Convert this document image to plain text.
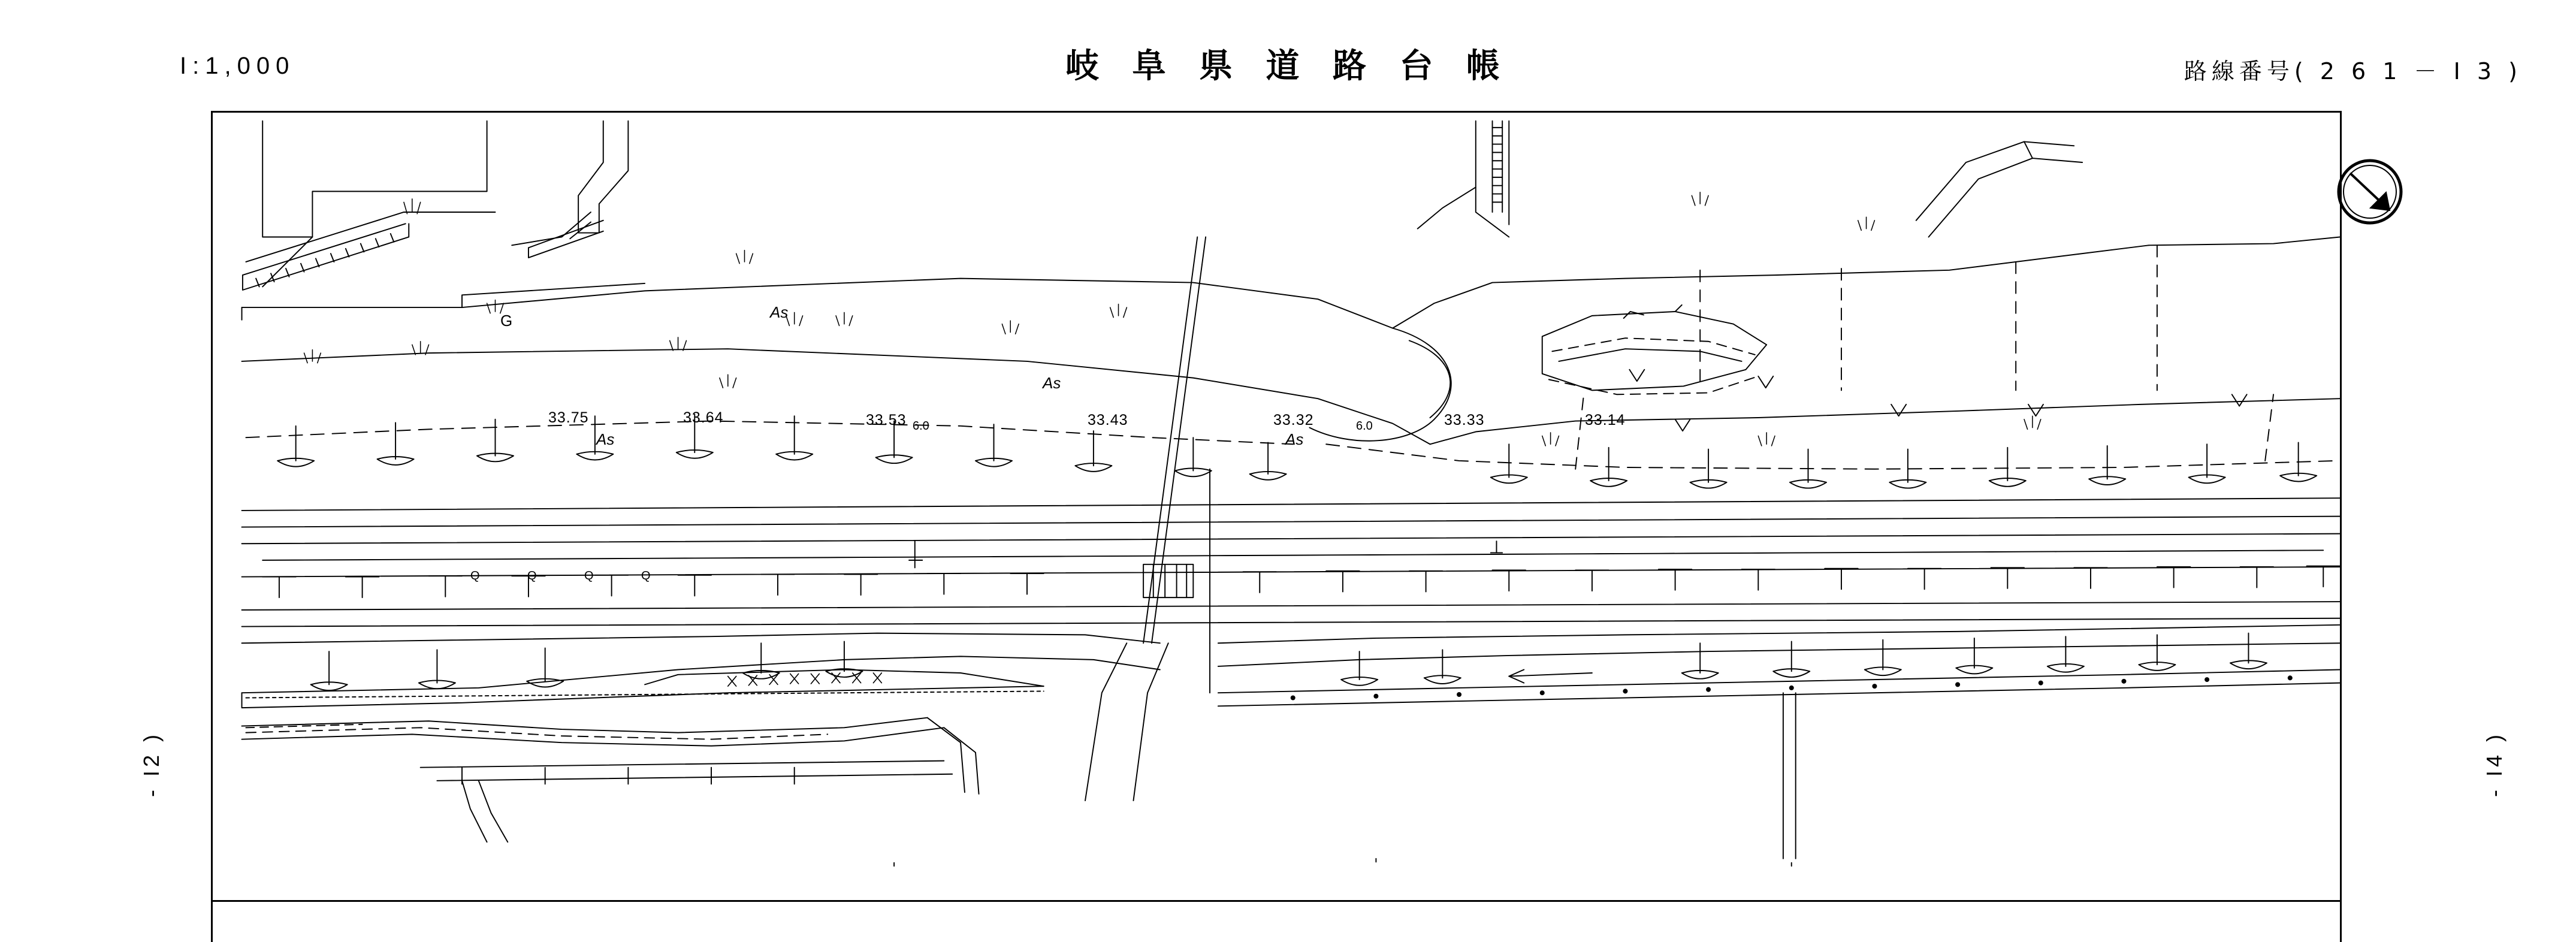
I:1,000	岐 阜 県 道 路 台 帳	路線番号( 2 6 1 － I 3 )
- I2 )	- I4 )
G	As
As
As	As
33.75	33.64	33.53	33.43	33.32	33.33	33.14
6.0	6.0
Q	Q	Q	Q
